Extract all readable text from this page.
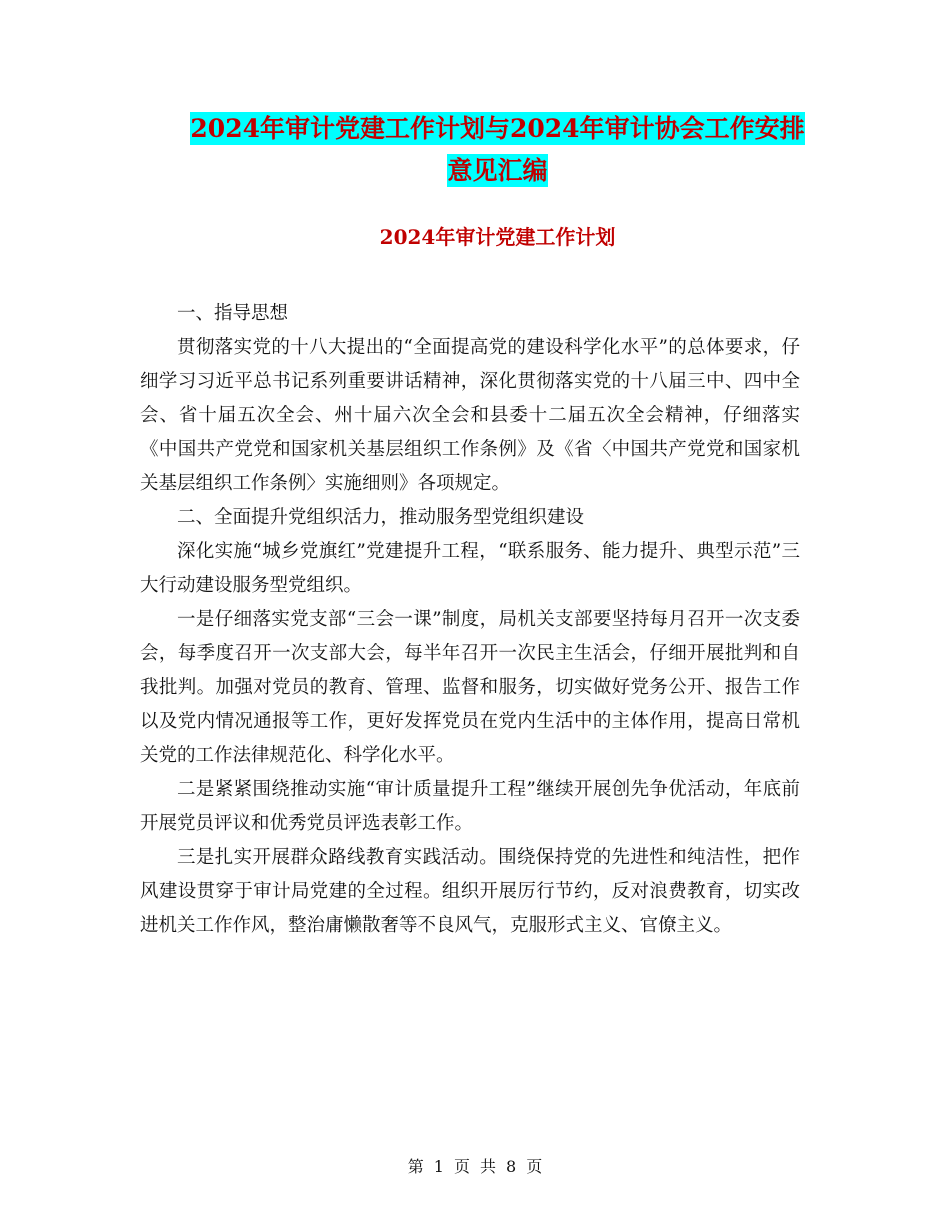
2024年审计党建工作计划与2024年审计协会工作安排
意见汇编
2024年审计党建工作计划

一、指导思想

贯彻落实党的十八大提出的“全面提高党的建设科学化水平”的总体要求，仔细学习习近平总书记系列重要讲话精神，深化贯彻落实党的十八届三中、四中全会、省十届五次全会、州十届六次全会和县委十二届五次全会精神，仔细落实《中国共产党党和国家机关基层组织工作条例》及《省〈中国共产党党和国家机关基层组织工作条例〉实施细则》各项规定。

二、全面提升党组织活力，推动服务型党组织建设

深化实施“城乡党旗红”党建提升工程，“联系服务、能力提升、典型示范”三大行动建设服务型党组织。

一是仔细落实党支部“三会一课”制度，局机关支部要坚持每月召开一次支委会，每季度召开一次支部大会，每半年召开一次民主生活会，仔细开展批判和自我批判。加强对党员的教育、管理、监督和服务，切实做好党务公开、报告工作以及党内情况通报等工作，更好发挥党员在党内生活中的主体作用，提高日常机关党的工作法律规范化、科学化水平。

二是紧紧围绕推动实施“审计质量提升工程”继续开展创先争优活动，年底前开展党员评议和优秀党员评选表彰工作。

三是扎实开展群众路线教育实践活动。围绕保持党的先进性和纯洁性，把作风建设贯穿于审计局党建的全过程。组织开展厉行节约，反对浪费教育，切实改进机关工作作风，整治庸懒散奢等不良风气，克服形式主义、官僚主义。

第 1 页 共 8 页
